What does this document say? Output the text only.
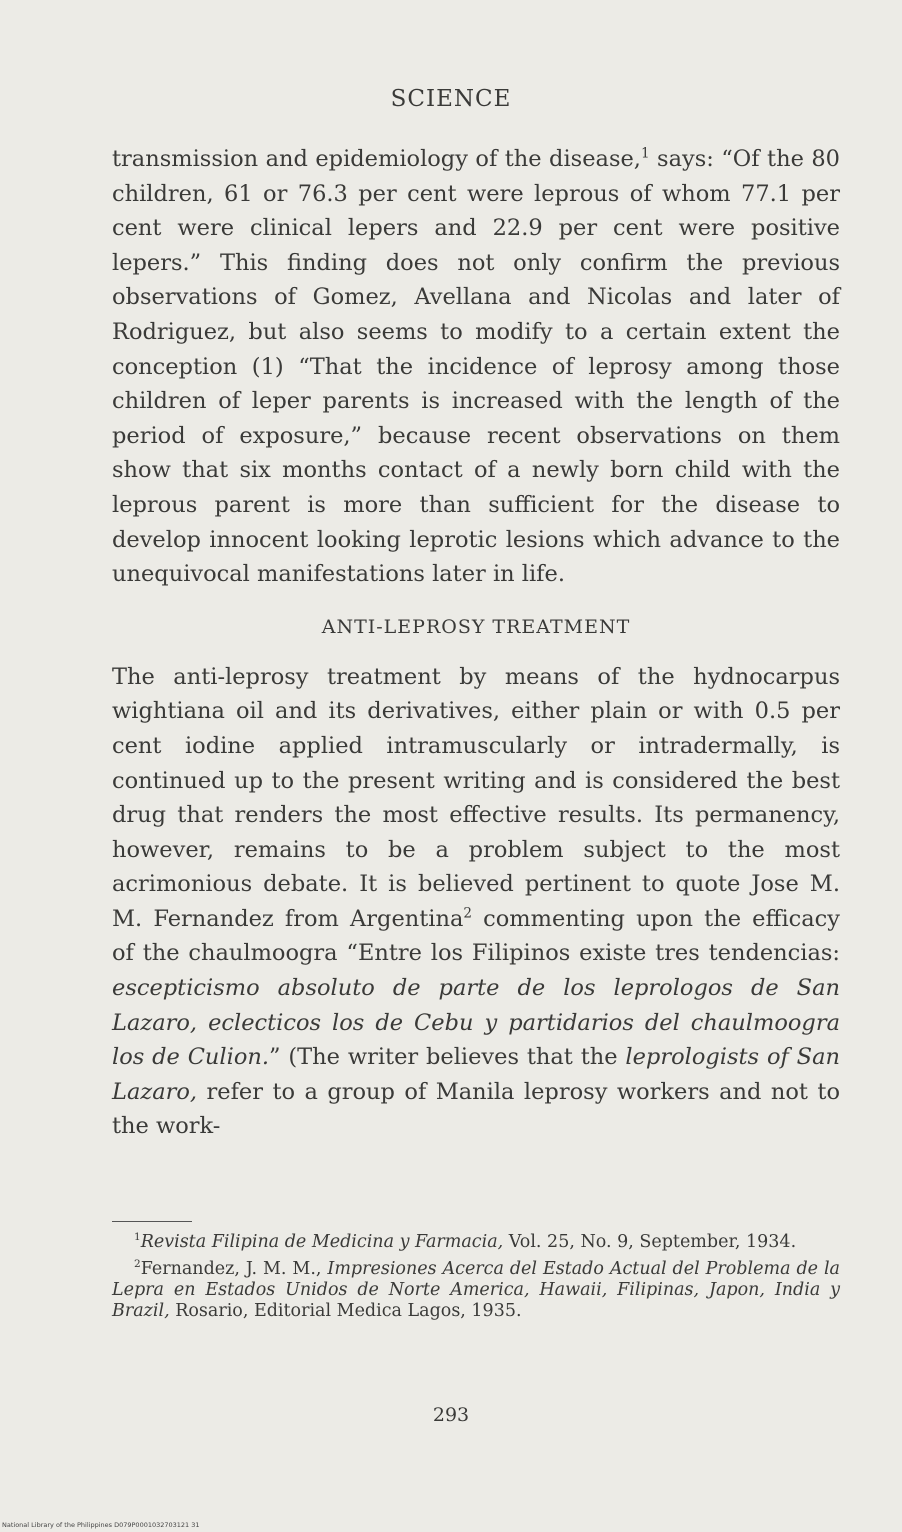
SCIENCE

transmission and epidemiology of the disease,$^1$ says: “Of the 80 children, 61 or 76.3 per cent were leprous of whom 77.1 per cent were clinical lepers and 22.9 per cent were positive lepers.” This finding does not only confirm the previous observations of Gomez, Avellana and Nicolas and later of Rodriguez, but also seems to modify to a certain extent the conception (1) “That the incidence of leprosy among those children of leper parents is increased with the length of the period of exposure,” because recent observations on them show that six months contact of a newly born child with the leprous parent is more than sufficient for the disease to develop innocent looking leprotic lesions which advance to the unequivocal manifestations later in life.

ANTI-LEPROSY TREATMENT

The anti-leprosy treatment by means of the hydnocarpus wightiana oil and its derivatives, either plain or with 0.5 per cent iodine applied intramuscularly or intradermally, is continued up to the present writing and is considered the best drug that renders the most effective results. Its permanency, however, remains to be a problem subject to the most acrimonious debate. It is believed pertinent to quote Jose M. M. Fernandez from Argentina$^2$ commenting upon the efficacy of the chaulmoogra “Entre los Filipinos existe tres tendencias: escepticismo absoluto de parte de los leprologos de San Lazaro, eclecticos los de Cebu y partidarios del chaulmoogra los de Culion.” (The writer believes that the leprologists of San Lazaro, refer to a group of Manila leprosy workers and not to the work-

$^1$Revista Filipina de Medicina y Farmacia, Vol. 25, No. 9, September, 1934.

$^2$Fernandez, J. M. M., Impresiones Acerca del Estado Actual del Problema de la Lepra en Estados Unidos de Norte America, Hawaii, Filipinas, Japon, India y Brazil, Rosario, Editorial Medica Lagos, 1935.

293
National Library of the Philippines D079P0001032703121 31
